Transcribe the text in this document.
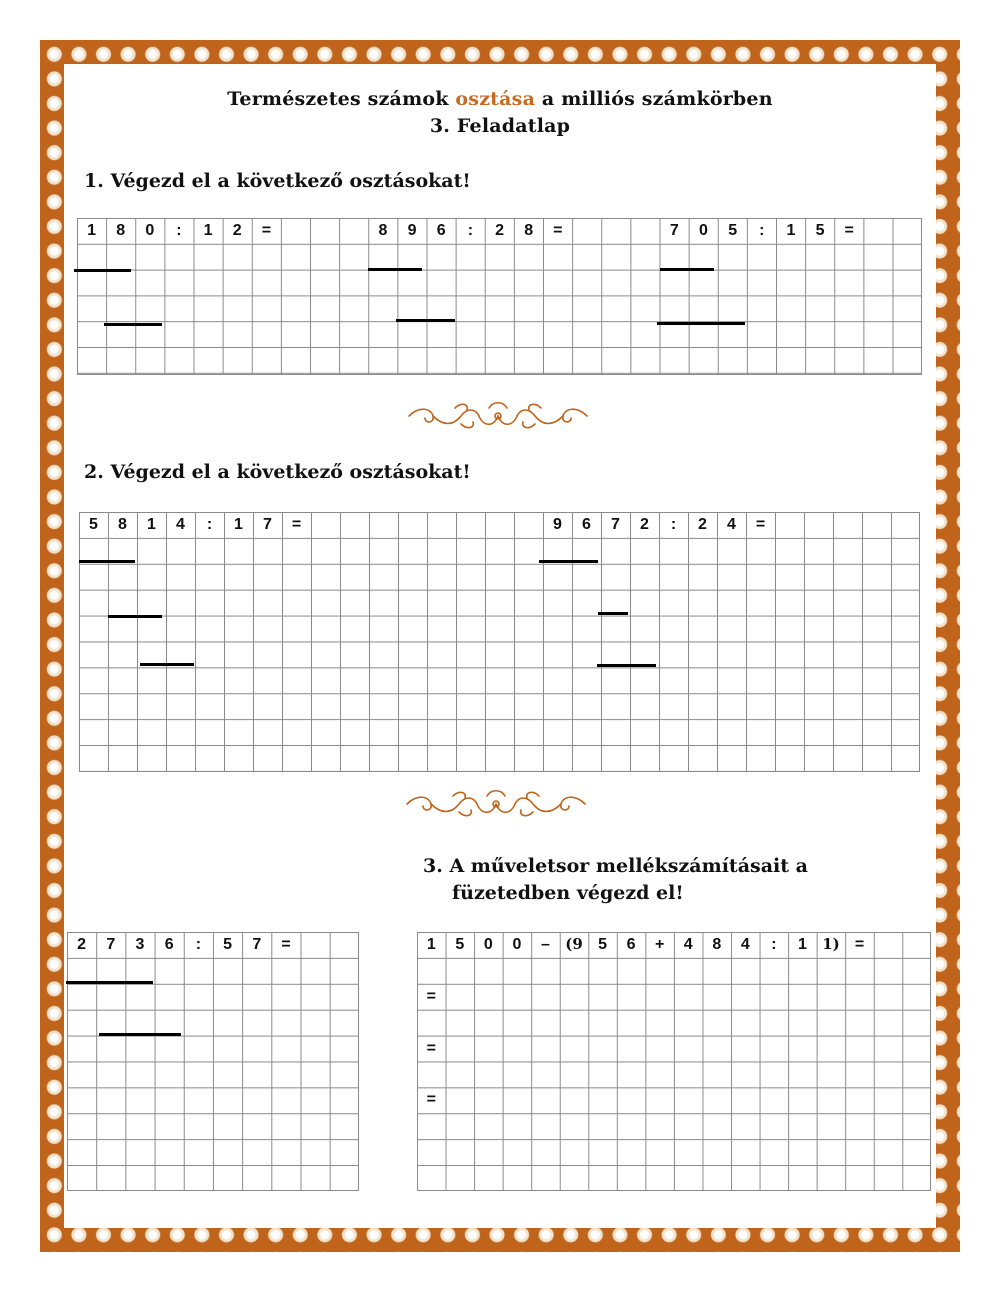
Természetes számok osztása a milliós számkörben
3. Feladatlap
1. Végezd el a következő osztásokat!
2. Végezd el a következő osztásokat!
3. A műveletsor mellékszámításait a
füzetedben végezd el!
1	8	0	:	1	2	=	8	9	6	:	2	8	=	7	0	5	:	1	5	=
5	8	1	4	:	1	7	=	9	6	7	2	:	2	4	=
2	7	3	6	:	5	7	=	1	5	0	0	–	(9 5	6	+	4	8	4	:	1	1) =
=
=
=
